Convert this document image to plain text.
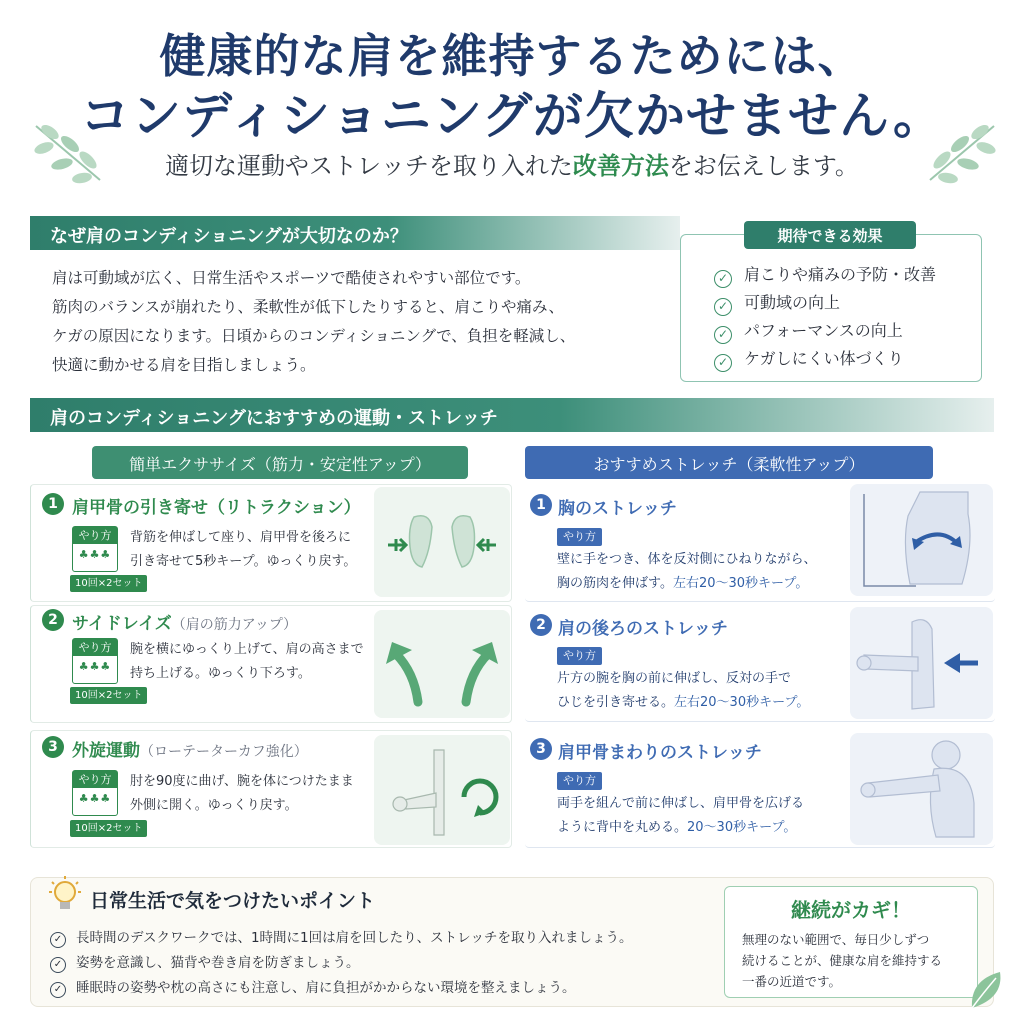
健康的な肩を維持するためには、
コンディショニングが欠かせません。
適切な運動やストレッチを取り入れた改善方法をお伝えします。
なぜ肩のコンディショニングが大切なのか？
肩は可動域が広く、日常生活やスポーツで酷使されやすい部位です。
筋肉のバランスが崩れたり、柔軟性が低下したりすると、肩こりや痛み、
ケガの原因になります。日頃からのコンディショニングで、負担を軽減し、
快適に動かせる肩を目指しましょう。
期待できる効果
✓ 肩こりや痛みの予防・改善
✓ 可動域の向上
✓ パフォーマンスの向上
✓ ケガしにくい体づくり
肩のコンディショニングにおすすめの運動・ストレッチ
簡単エクササイズ（筋力・安定性アップ）	おすすめストレッチ（柔軟性アップ）
1 肩甲骨の引き寄せ（リトラクション）
やり方
♣♣♣
背筋を伸ばして座り、肩甲骨を後ろに
引き寄せて5秒キープ。ゆっくり戻す。
10回×2セット
2 サイドレイズ（肩の筋力アップ）
やり方
♣♣♣
腕を横にゆっくり上げて、肩の高さまで
持ち上げる。ゆっくり下ろす。
10回×2セット
3 外旋運動（ローテーターカフ強化）
やり方
♣♣♣
肘を90度に曲げ、腕を体につけたまま
外側に開く。ゆっくり戻す。
10回×2セット
1 胸のストレッチ
やり方
壁に手をつき、体を反対側にひねりながら、
胸の筋肉を伸ばす。左右20〜30秒キープ。
2 肩の後ろのストレッチ
やり方
片方の腕を胸の前に伸ばし、反対の手で
ひじを引き寄せる。左右20〜30秒キープ。
3 肩甲骨まわりのストレッチ
やり方
両手を組んで前に伸ばし、肩甲骨を広げる
ように背中を丸める。20〜30秒キープ。
日常生活で気をつけたいポイント
✓ 長時間のデスクワークでは、1時間に1回は肩を回したり、ストレッチを取り入れましょう。
✓ 姿勢を意識し、猫背や巻き肩を防ぎましょう。
✓ 睡眠時の姿勢や枕の高さにも注意し、肩に負担がかからない環境を整えましょう。
継続がカギ！
無理のない範囲で、毎日少しずつ
続けることが、健康な肩を維持する
一番の近道です。
